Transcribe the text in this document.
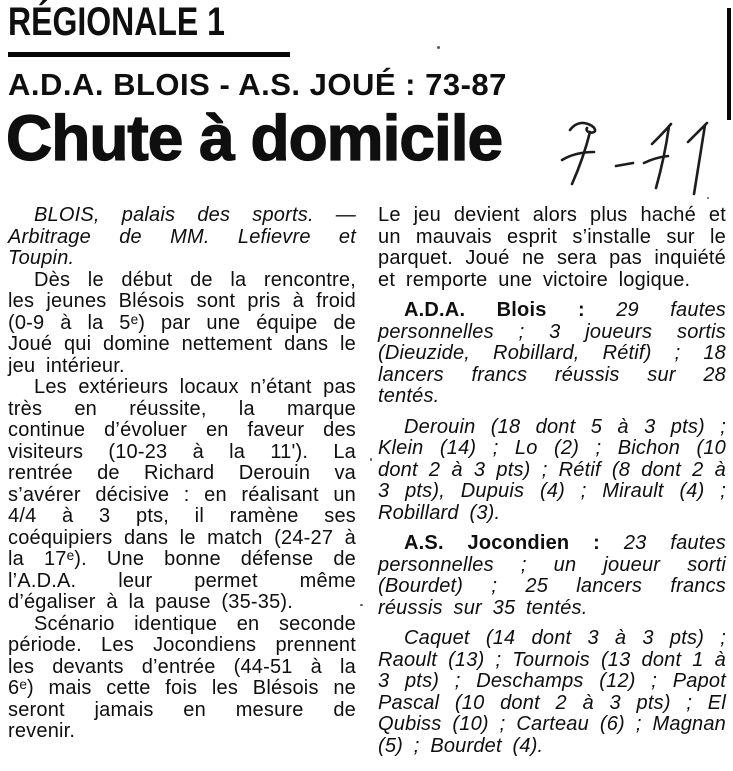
RÉGIONALE 1
A.D.A. BLOIS - A.S. JOUÉ : 73-87
Chute à domicile

BLOIS, palais des sports. — Arbitrage de MM. Lefievre et Toupin.

Dès le début de la rencontre, les jeunes Blésois sont pris à froid (0-9 à la 5ᵉ) par une équipe de Joué qui domine nettement dans le jeu intérieur.

Les extérieurs locaux n’étant pas très en réussite, la marque continue d’évoluer en faveur des visiteurs (10-23 à la 11'). La rentrée de Richard Derouin va s’avérer décisive : en réalisant un 4/4 à 3 pts, il ramène ses coéquipiers dans le match (24-27 à la 17ᵉ). Une bonne défense de l’A.D.A. leur permet même d’égaliser à la pause (35-35).

Scénario identique en seconde période. Les Jocondiens prennent les devants d’entrée (44-51 à la 6ᵉ) mais cette fois les Blésois ne seront jamais en mesure de revenir.

Le jeu devient alors plus haché et un mauvais esprit s’installe sur le parquet. Joué ne sera pas inquiété et remporte une victoire logique.

A.D.A. Blois : 29 fautes personnelles ; 3 joueurs sortis (Dieuzide, Robillard, Rétif) ; 18 lancers francs réussis sur 28 tentés.

Derouin (18 dont 5 à 3 pts) ; Klein (14) ; Lo (2) ; Bichon (10 dont 2 à 3 pts) ; Rétif (8 dont 2 à 3 pts), Dupuis (4) ; Mirault (4) ; Robillard (3).

A.S. Jocondien : 23 fautes personnelles ; un joueur sorti (Bourdet) ; 25 lancers francs réussis sur 35 tentés.

Caquet (14 dont 3 à 3 pts) ; Raoult (13) ; Tournois (13 dont 1 à 3 pts) ; Deschamps (12) ; Papot Pascal (10 dont 2 à 3 pts) ; El Qubiss (10) ; Carteau (6) ; Magnan (5) ; Bourdet (4).
